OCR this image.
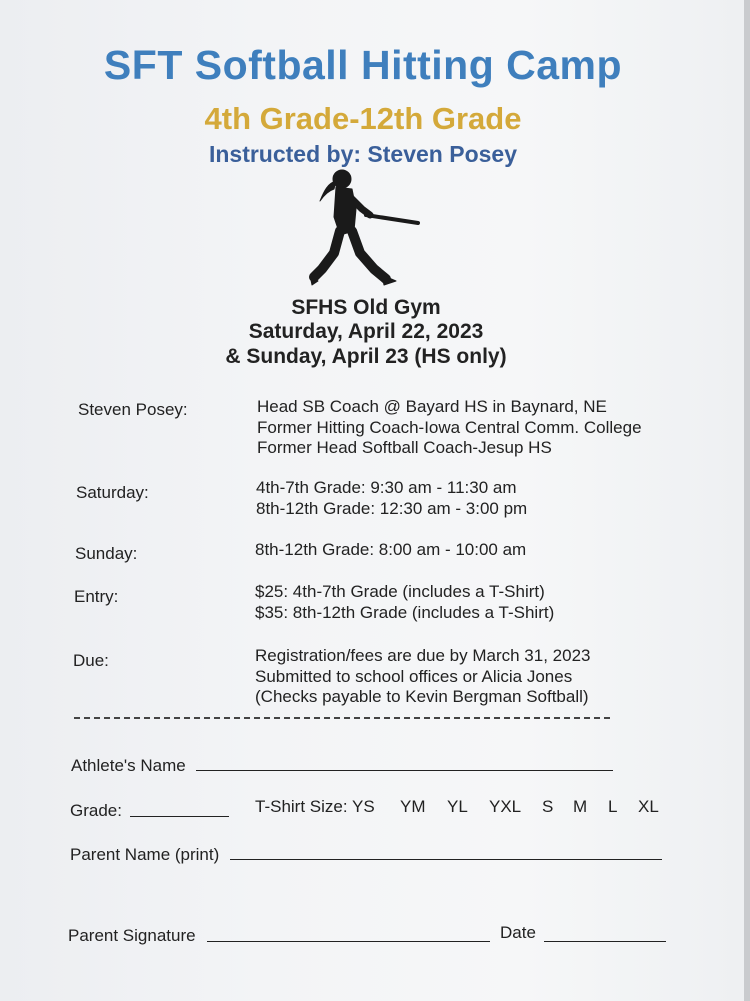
SFT Softball Hitting Camp
4th Grade-12th Grade
Instructed by: Steven Posey
SFHS Old Gym
Saturday, April 22, 2023
& Sunday, April 23 (HS only)
Steven Posey:	Head SB Coach @ Bayard HS in Baynard, NE
Former Hitting Coach-Iowa Central Comm. College
Former Head Softball Coach-Jesup HS
Saturday:	4th-7th Grade: 9:30 am - 11:30 am
8th-12th Grade: 12:30 am - 3:00 pm
Sunday:	8th-12th Grade: 8:00 am - 10:00 am
Entry:	$25: 4th-7th Grade (includes a T-Shirt)
$35: 8th-12th Grade (includes a T-Shirt)
Due:	Registration/fees are due by March 31, 2023
Submitted to school offices or Alicia Jones
(Checks payable to Kevin Bergman Softball)
Athlete's Name
Grade:	T-Shirt Size: YS YM YL YXL S M L XL
Parent Name (print)
Parent Signature	Date
